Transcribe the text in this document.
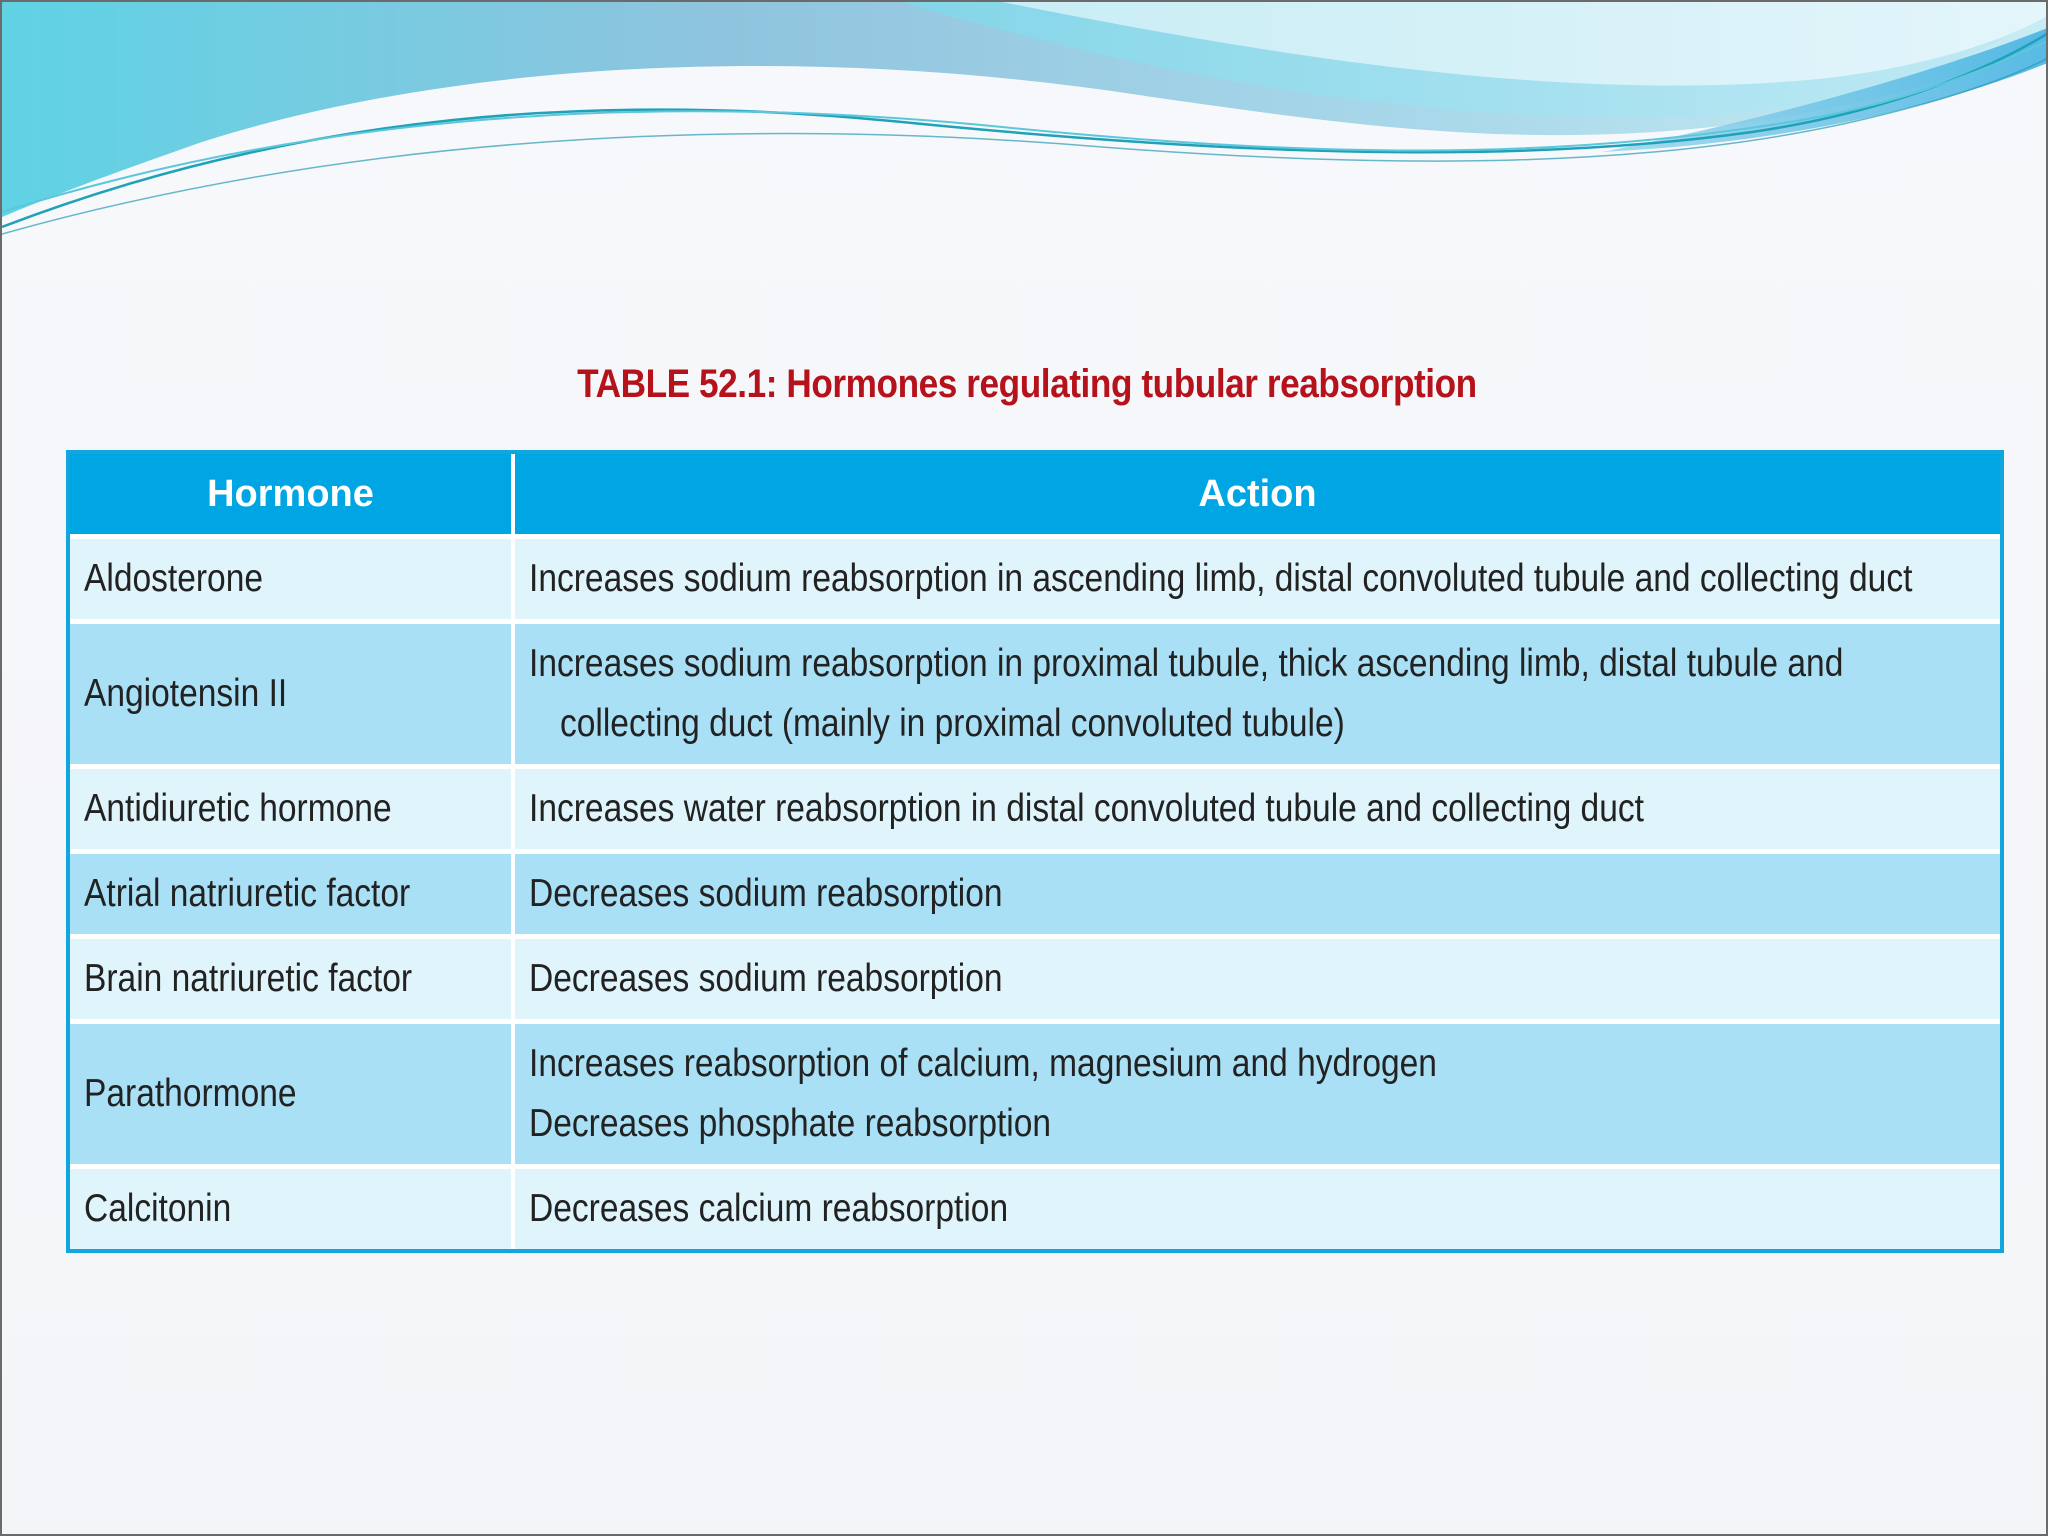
TABLE 52.1: Hormones regulating tubular reabsorption
Hormone	Action

Aldosterone	Increases sodium reabsorption in ascending limb, distal convoluted tubule and collecting duct

Angiotensin II	Increases sodium reabsorption in proximal tubule, thick ascending limb, distal tubule and
collecting duct (mainly in proximal convoluted tubule)

Antidiuretic hormone	Increases water reabsorption in distal convoluted tubule and collecting duct

Atrial natriuretic factor	Decreases sodium reabsorption

Brain natriuretic factor	Decreases sodium reabsorption

Parathormone	Increases reabsorption of calcium, magnesium and hydrogen
Decreases phosphate reabsorption

Calcitonin	Decreases calcium reabsorption
